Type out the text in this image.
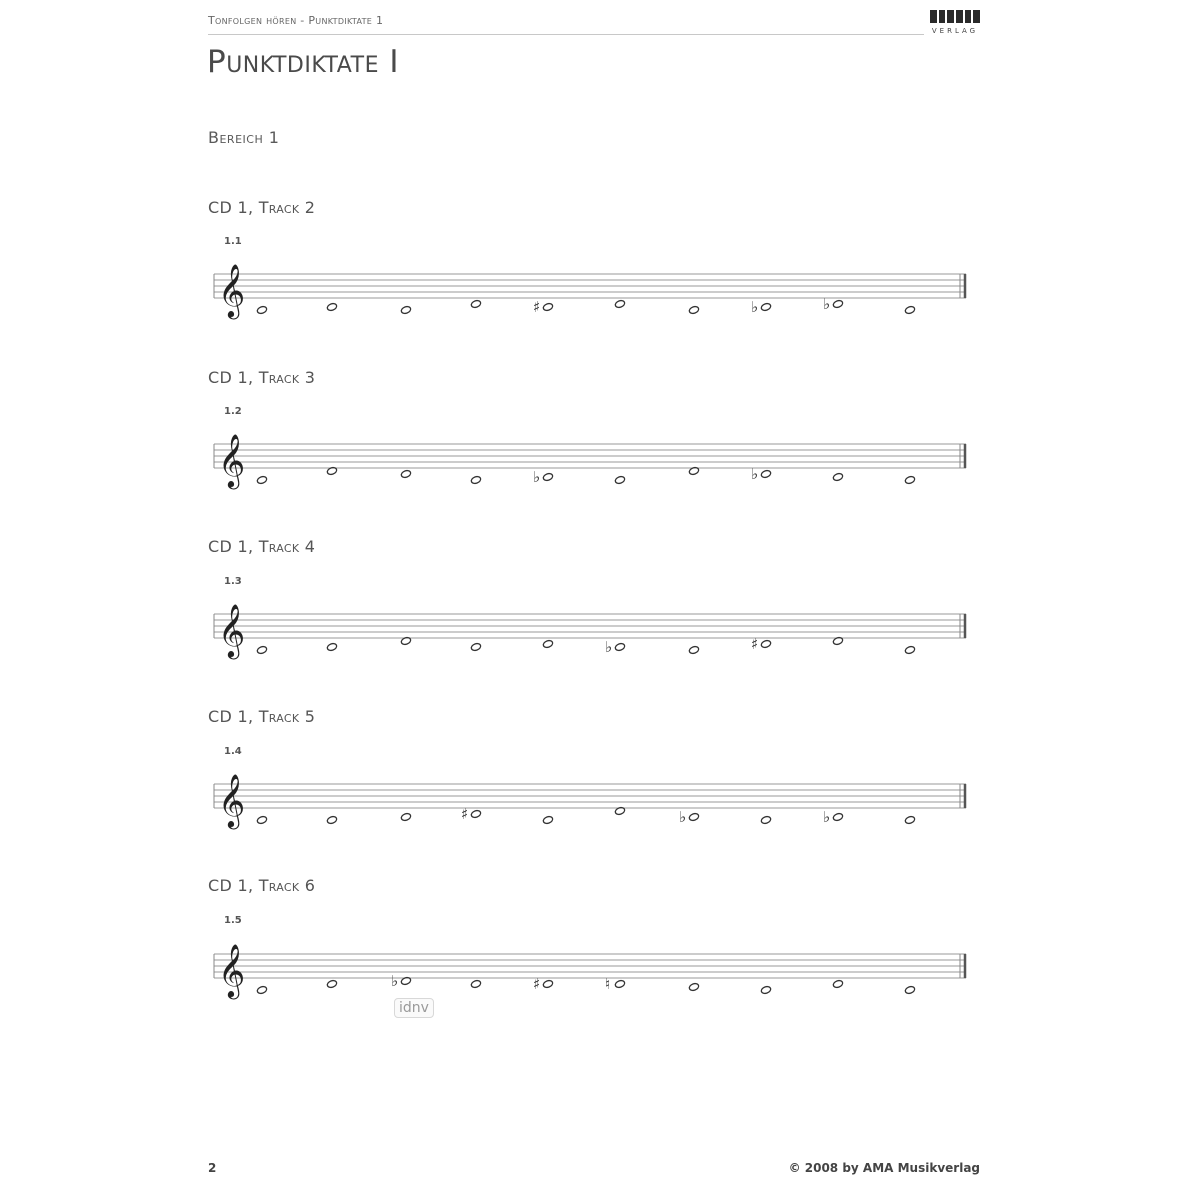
Tonfolgen hören - Punktdiktate 1
VERLAG
Punktdiktate I
Bereich 1
CD 1, Track 2
1.1
𝄞	♯	♭	♭
CD 1, Track 3
1.2
𝄞	♭	♭
CD 1, Track 4
1.3
𝄞	♭	♯
CD 1, Track 5
1.4
𝄞	♯	♭	♭
CD 1, Track 6
1.5
𝄞	♭	♯	♮
idnv
2	© 2008 by AMA Musikverlag
